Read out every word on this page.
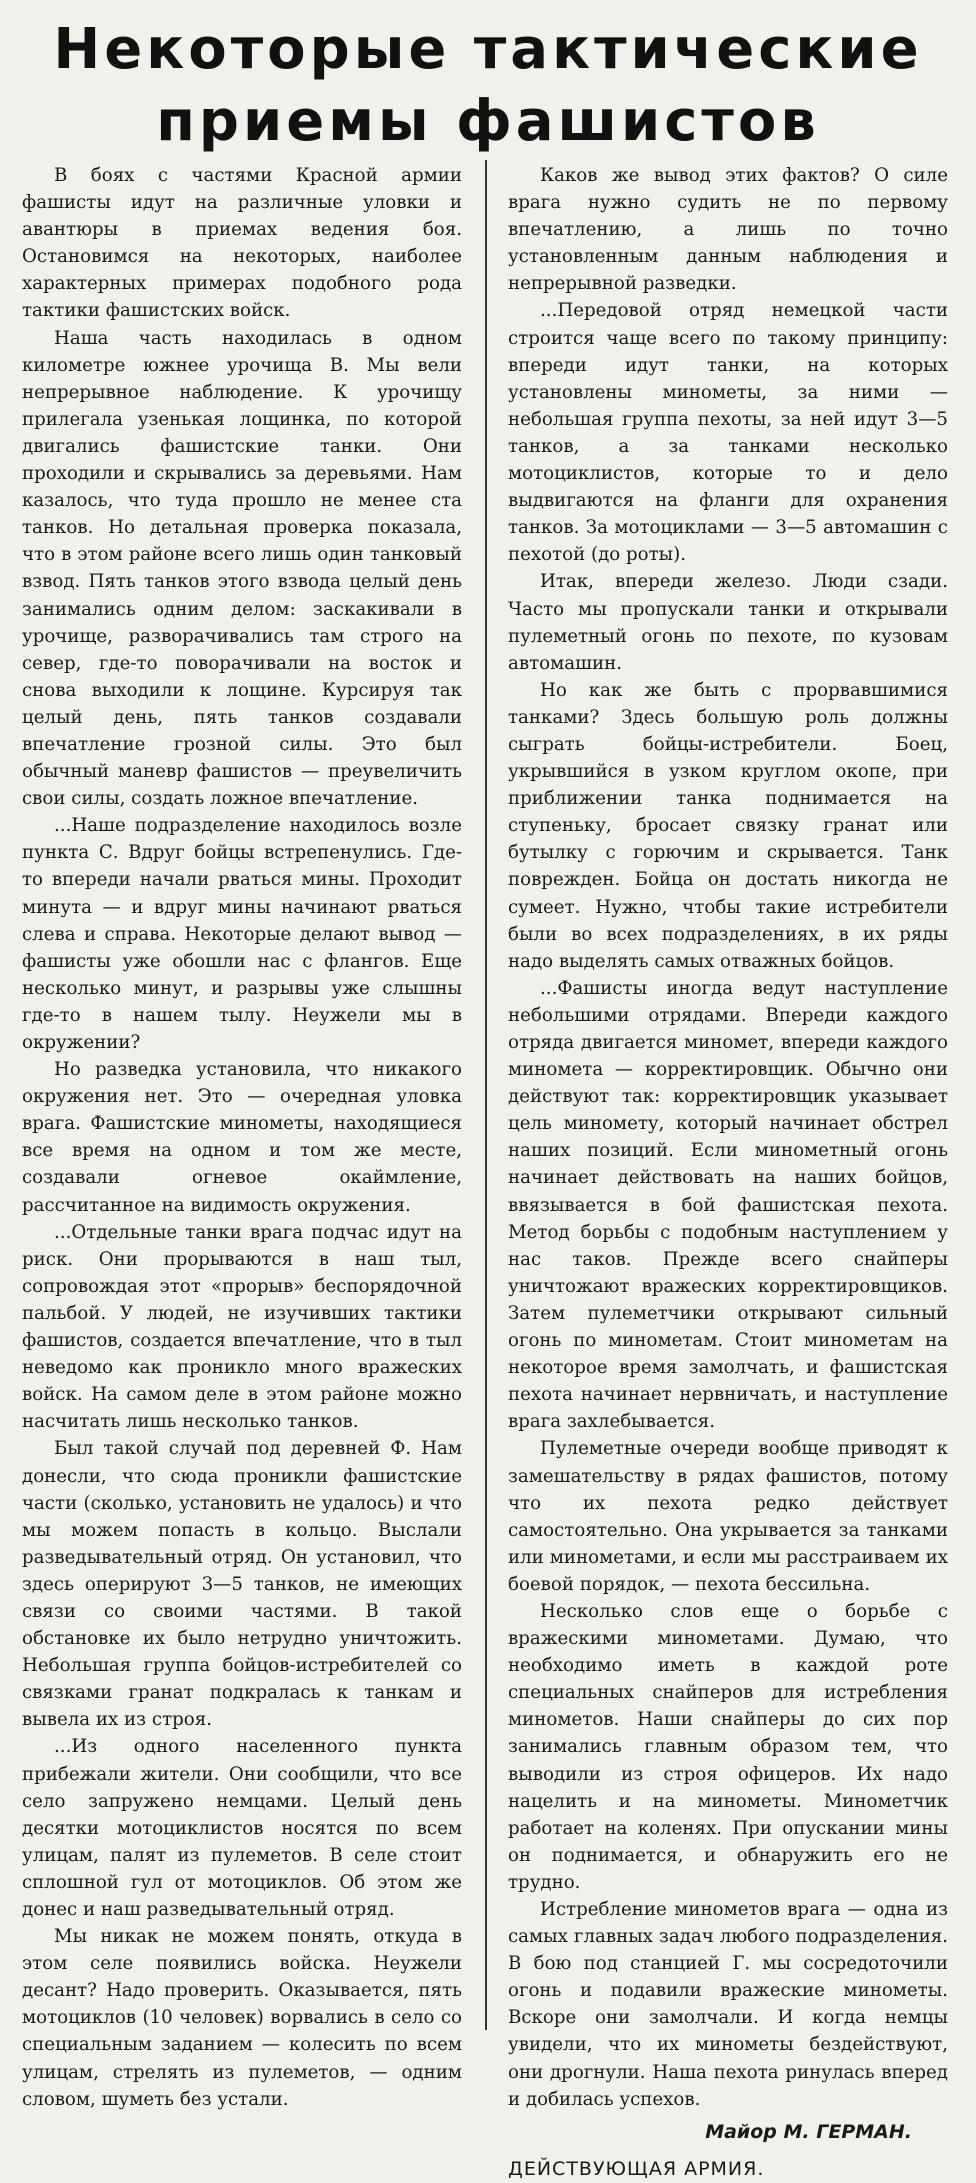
Некоторые тактические
приемы фашистов

В боях с частями Красной армии фашисты идут на различные уловки и авантюры в приемах ведения боя. Остановимся на некоторых, наиболее характерных примерах подобного рода тактики фашистских войск.

Наша часть находилась в одном километре южнее урочища В. Мы вели непрерывное наблюдение. К урочищу прилегала узенькая лощинка, по которой двигались фашистские танки. Они проходили и скрывались за деревьями. Нам казалось, что туда прошло не менее ста танков. Но детальная проверка показала, что в этом районе всего лишь один танковый взвод. Пять танков этого взвода целый день занимались одним делом: заскакивали в урочище, разворачивались там строго на север, где-то поворачивали на восток и снова выходили к лощине. Курсируя так целый день, пять танков создавали впечатление грозной силы. Это был обычный маневр фашистов — преувеличить свои силы, создать ложное впечатление.

...Наше подразделение находилось возле пункта С. Вдруг бойцы встрепенулись. Где-то впереди начали рваться мины. Проходит минута — и вдруг мины начинают рваться слева и справа. Некоторые делают вывод — фашисты уже обошли нас с флангов. Еще несколько минут, и разрывы уже слышны где-то в нашем тылу. Неужели мы в окружении?

Но разведка установила, что никакого окружения нет. Это — очередная уловка врага. Фашистские минометы, находящиеся все время на одном и том же месте, создавали огневое окаймление, рассчитанное на видимость окружения.

...Отдельные танки врага подчас идут на риск. Они прорываются в наш тыл, сопровождая этот «прорыв» беспорядочной пальбой. У людей, не изучивших тактики фашистов, создается впечатление, что в тыл неведомо как проникло много вражеских войск. На самом деле в этом районе можно насчитать лишь несколько танков.

Был такой случай под деревней Ф. Нам донесли, что сюда проникли фашистские части (сколько, установить не удалось) и что мы можем попасть в кольцо. Выслали разведывательный отряд. Он установил, что здесь оперируют 3—5 танков, не имеющих связи со своими частями. В такой обстановке их было нетрудно уничтожить. Небольшая группа бойцов-истребителей со связками гранат подкралась к танкам и вывела их из строя.

...Из одного населенного пункта прибежали жители. Они сообщили, что все село запружено немцами. Целый день десятки мотоциклистов носятся по всем улицам, палят из пулеметов. В селе стоит сплошной гул от мотоциклов. Об этом же донес и наш разведывательный отряд.

Мы никак не можем понять, откуда в этом селе появились войска. Неужели десант? Надо проверить. Оказывается, пять мотоциклов (10 человек) ворвались в село со специальным заданием — колесить по всем улицам, стрелять из пулеметов, — одним словом, шуметь без устали.

Каков же вывод этих фактов? О силе врага нужно судить не по первому впечатлению, а лишь по точно установленным данным наблюдения и непрерывной разведки.

...Передовой отряд немецкой части строится чаще всего по такому принципу: впереди идут танки, на которых установлены минометы, за ними — небольшая группа пехоты, за ней идут 3—5 танков, а за танками несколько мотоциклистов, которые то и дело выдвигаются на фланги для охранения танков. За мотоциклами — 3—5 автомашин с пехотой (до роты).

Итак, впереди железо. Люди сзади. Часто мы пропускали танки и открывали пулеметный огонь по пехоте, по кузовам автомашин.

Но как же быть с прорвавшимися танками? Здесь большую роль должны сыграть бойцы-истребители. Боец, укрывшийся в узком круглом окопе, при приближении танка поднимается на ступеньку, бросает связку гранат или бутылку с горючим и скрывается. Танк поврежден. Бойца он достать никогда не сумеет. Нужно, чтобы такие истребители были во всех подразделениях, в их ряды надо выделять самых отважных бойцов.

...Фашисты иногда ведут наступление небольшими отрядами. Впереди каждого отряда двигается миномет, впереди каждого миномета — корректировщик. Обычно они действуют так: корректировщик указывает цель миномету, который начинает обстрел наших позиций. Если минометный огонь начинает действовать на наших бойцов, ввязывается в бой фашистская пехота. Метод борьбы с подобным наступлением у нас таков. Прежде всего снайперы уничтожают вражеских корректировщиков. Затем пулеметчики открывают сильный огонь по минометам. Стоит минометам на некоторое время замолчать, и фашистская пехота начинает нервничать, и наступление врага захлебывается.

Пулеметные очереди вообще приводят к замешательству в рядах фашистов, потому что их пехота редко действует самостоятельно. Она укрывается за танками или минометами, и если мы расстраиваем их боевой порядок, — пехота бессильна.

Несколько слов еще о борьбе с вражескими минометами. Думаю, что необходимо иметь в каждой роте специальных снайперов для истребления минометов. Наши снайперы до сих пор занимались главным образом тем, что выводили из строя офицеров. Их надо нацелить и на минометы. Минометчик работает на коленях. При опускании мины он поднимается, и обнаружить его не трудно.

Истребление минометов врага — одна из самых главных задач любого подразделения. В бою под станцией Г. мы сосредоточили огонь и подавили вражеские минометы. Вскоре они замолчали. И когда немцы увидели, что их минометы бездействуют, они дрогнули. Наша пехота ринулась вперед и добилась успехов.

Майор М. ГЕРМАН.
ДЕЙСТВУЮЩАЯ АРМИЯ.
